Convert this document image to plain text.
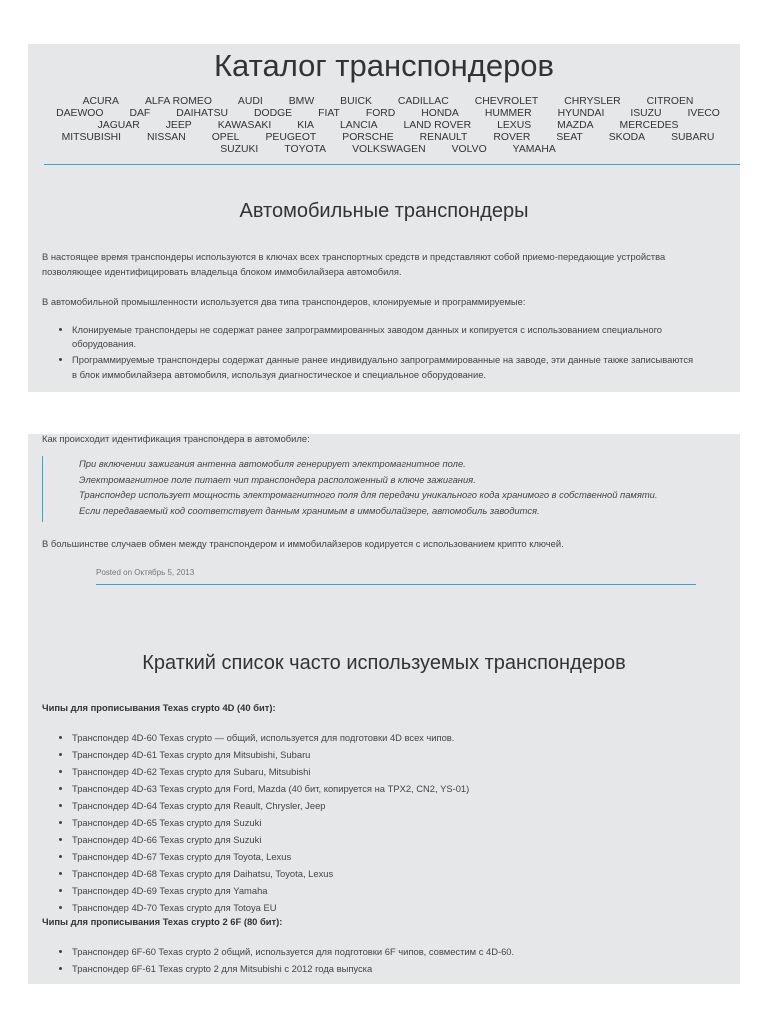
Каталог транспондеров
ACURA	ALFA ROMEO	AUDI	BMW	BUICK	CADILLAC	CHEVROLET	CHRYSLER	CITROENDAEWOO	DAF	DAIHATSU	DODGE	FIAT	FORD	HONDA	HUMMER	HYUNDAI	ISUZU	IVECOJAGUAR	JEEP	KAWASAKI	KIA	LANCIA	LAND ROVER	LEXUS	MAZDA	MERCEDESMITSUBISHI	NISSAN	OPEL	PEUGEOT	PORSCHE	RENAULT	ROVER	SEAT	SKODA	SUBARUSUZUKI	TOYOTA	VOLKSWAGEN	VOLVO	YAMAHA
Автомобильные транспондеры
В настоящее время транспондеры используются в ключах всех транспортных средств и представляют собой приемо-передающие устройства
позволяющее идентифицировать владельца блоком иммобилайзера автомобиля.
В автомобильной промышленности используется два типа транспондеров, клонируемые и программируемые:
• Клонируемые транспондеры не содержат ранее запрограммированных заводом данных и копируется с использованием специального
оборудования.
• Программируемые транспондеры содержат данные ранее индивидуально запрограммированные на заводе, эти данные также записываются
в блок иммобилайзера автомобиля, используя диагностическое и специальное оборудование.
Как происходит идентификация транспондера в автомобиле:
При включении зажигания антенна автомобиля генерирует электромагнитное поле.
Электромагнитное поле питает чип транспондера расположенный в ключе зажигания.
Транспондер использует мощность электромагнитного поля для передачи уникального кода хранимого в собственной памяти.
Если передаваемый код соответствует данным хранимым в иммобилайзере, автомобиль заводится.
В большинстве случаев обмен между транспондером и иммобилайзеров кодируется с использованием крипто ключей.
Posted on Октябрь 5, 2013
Краткий список часто используемых транспондеров
Чипы для прописывания Texas crypto 4D (40 бит):
• Транспондер 4D-60 Texas crypto — общий, используется для подготовки 4D всех чипов.
• Транспондер 4D-61 Texas crypto для Mitsubishi, Subaru
• Транспондер 4D-62 Texas crypto для Subaru, Mitsubishi
• Транспондер 4D-63 Texas crypto для Ford, Mazda (40 бит, копируется на TPX2, CN2, YS-01)
• Транспондер 4D-64 Texas crypto для Reault, Chrysler, Jeep
• Транспондер 4D-65 Texas crypto для Suzuki
• Транспондер 4D-66 Texas crypto для Suzuki
• Транспондер 4D-67 Texas crypto для Toyota, Lexus
• Транспондер 4D-68 Texas crypto для Daihatsu, Toyota, Lexus
• Транспондер 4D-69 Texas crypto для Yamaha
• Транспондер 4D-70 Texas crypto для Totoya EU
Чипы для прописывания Texas crypto 2 6F (80 бит):
• Транспондер 6F-60 Texas crypto 2 общий, используется для подготовки 6F чипов, совместим с 4D-60.
• Транспондер 6F-61 Texas crypto 2 для Mitsubishi с 2012 года выпуска
